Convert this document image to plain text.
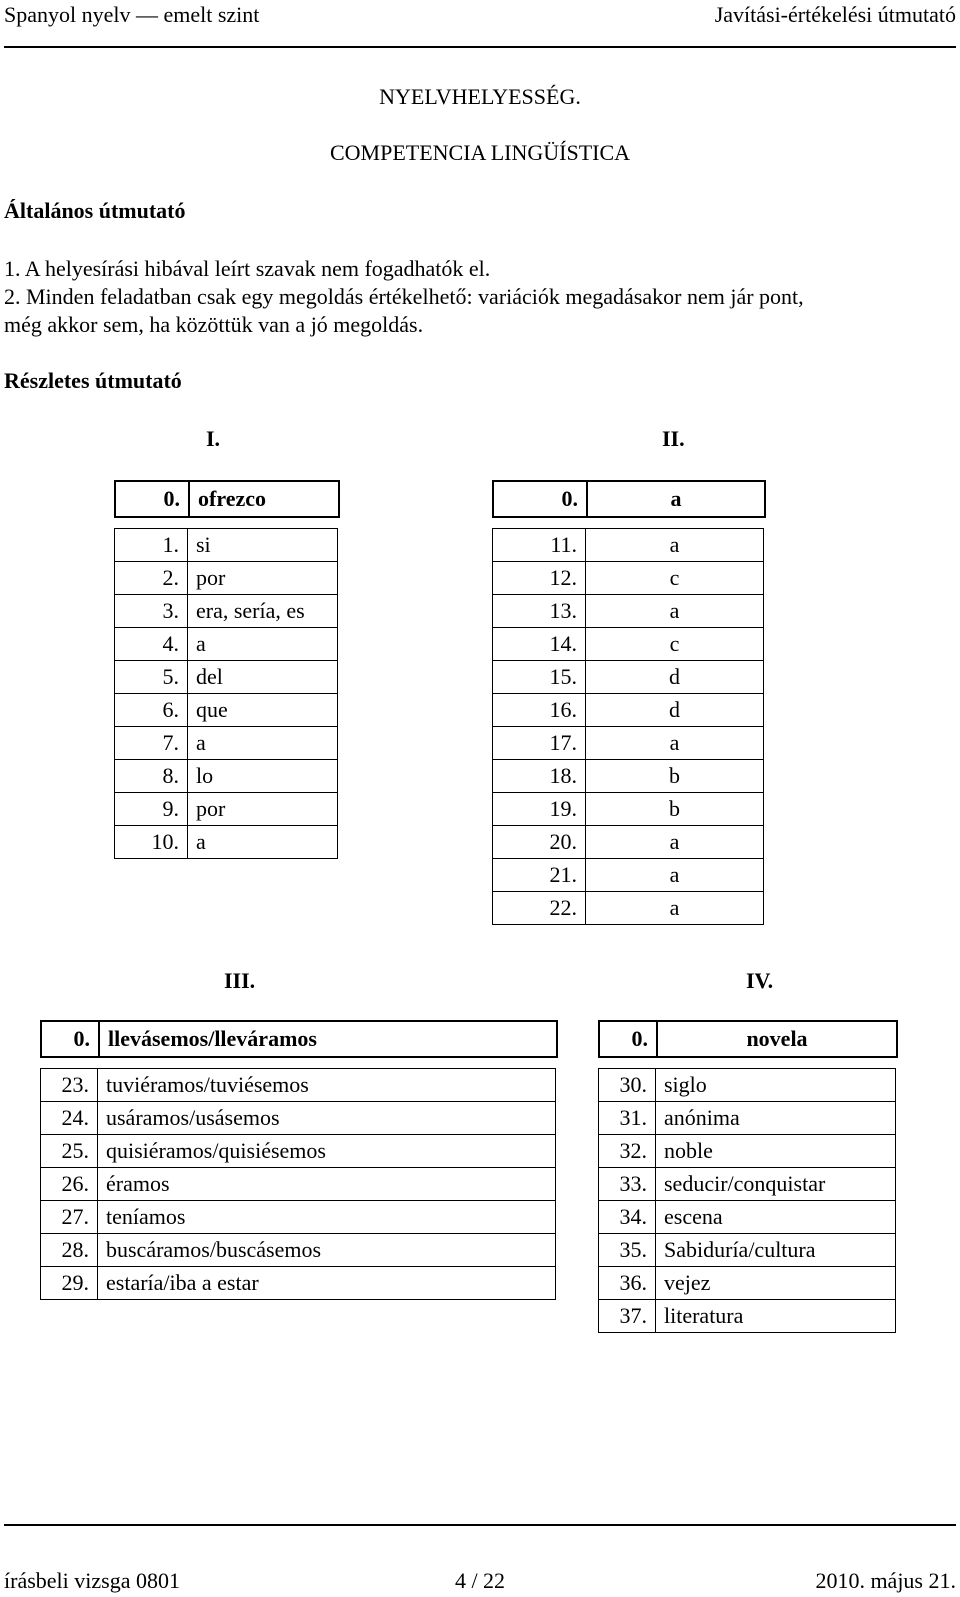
Spanyol nyelv — emelt szint	Javítási-értékelési útmutató
NYELVHELYESSÉG.
COMPETENCIA LINGÜÍSTICA
Általános útmutató
1. A helyesírási hibával leírt szavak nem fogadhatók el.
2. Minden feladatban csak egy megoldás értékelhető: variációk megadásakor nem jár pont,
még akkor sem, ha közöttük van a jó megoldás.
Részletes útmutató
I.	II.
0.	ofrezco	0.	a
1.	si
2.	por
3.	era, sería, es
4.	a
5.	del
6.	que
7.	a
8.	lo
9.	por
10.	a
11.	a
12.	c
13.	a
14.	c
15.	d
16.	d
17.	a
18.	b
19.	b
20.	a
21.	a
22.	a
III.	IV.
0.	llevásemos/lleváramos	0.	novela
23.	tuviéramos/tuviésemos
24.	usáramos/usásemos
25.	quisiéramos/quisiésemos
26.	éramos
27.	teníamos
28.	buscáramos/buscásemos
29.	estaría/iba a estar
30.	siglo
31.	anónima
32.	noble
33.	seducir/conquistar
34.	escena
35.	Sabiduría/cultura
36.	vejez
37.	literatura
írásbeli vizsga 0801	4 / 22	2010. május 21.
